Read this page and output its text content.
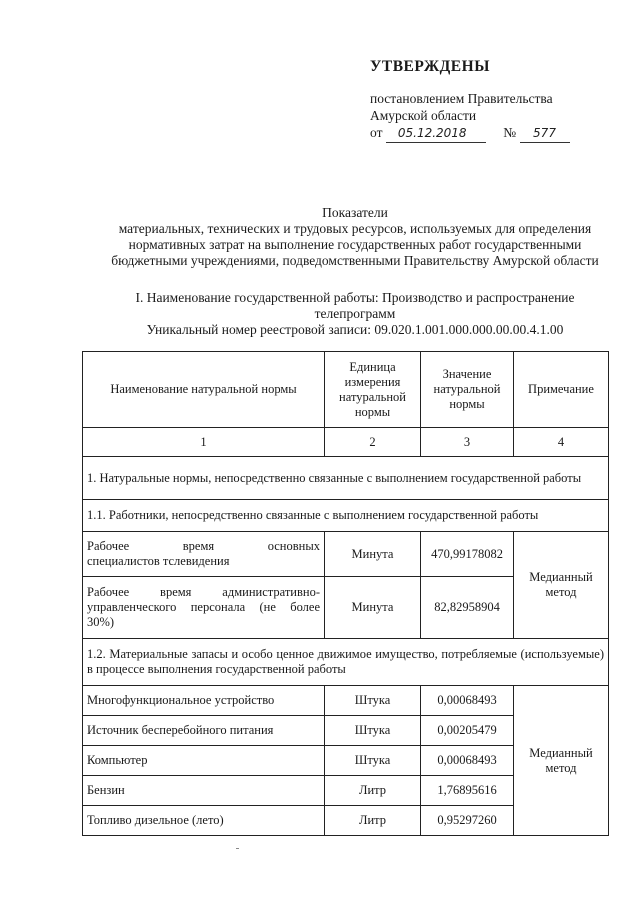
УТВЕРЖДЕНЫ
постановлением Правительства
Амурской области
от 05.12.2018	№ 577
Показатели
материальных, технических и трудовых ресурсов, используемых для определения
нормативных затрат на выполнение государственных работ государственными
бюджетными учреждениями, подведомственными Правительству Амурской области
I. Наименование государственной работы: Производство и распространение
телепрограмм
Уникальный номер реестровой записи: 09.020.1.001.000.000.00.00.4.1.00
Наименование натуральной нормы	Единица измерения натуральной нормы	Значение натуральной нормы	Примечание
1	2	3	4
1. Натуральные нормы, непосредственно связанные с выполнением государственной работы			
1.1. Работники, непосредственно связанные с выполнением государственной работы			

Рабочее время основных
специалистов тслевидения	Минута	470,99178082	Медианный метод

Рабочее время административно-
управленческого персонала (не более
30%)	Минута	82,82958904	
1.2. Материальные запасы и особо ценное движимое имущество, потребляемые (используемые) в процессе выполнения государственной работы			
Многофункциональное устройство	Штука	0,00068493	Медианный метод
Источник бесперебойного питания	Штука	0,00205479	
Компьютер	Штука	0,00068493	
Бензин	Литр	1,76895616	
Топливо дизельное (лето)	Литр	0,95297260	
